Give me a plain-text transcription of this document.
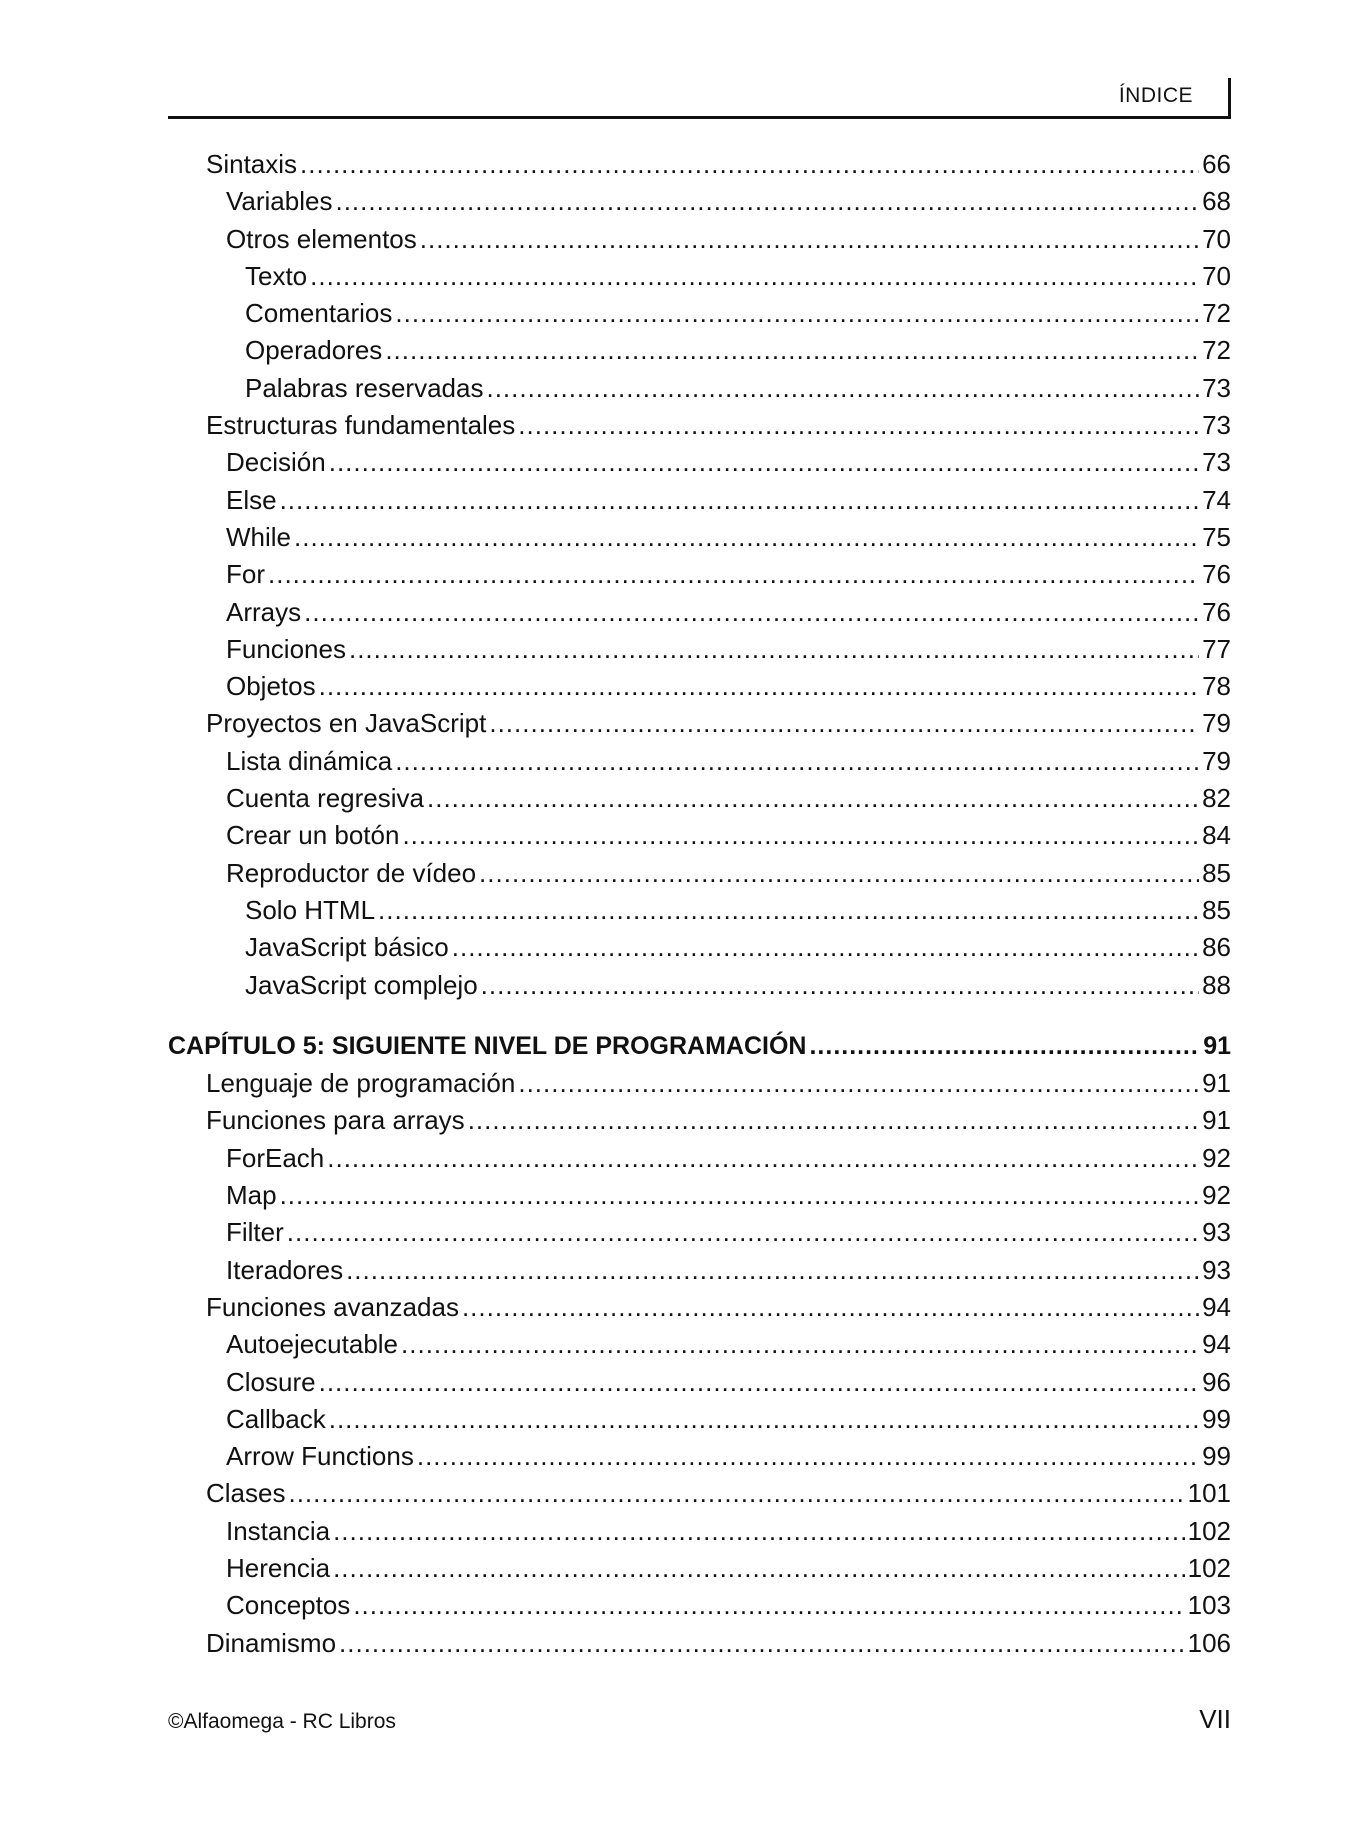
ÍNDICE
Sintaxis .....	66
Variables .....	68
Otros elementos .....	70
Texto .....	70
Comentarios .....	72
Operadores .....	72
Palabras reservadas .....	73
Estructuras fundamentales .....	73
Decisión .....	73
Else .....	74
While .....	75
For .....	76
Arrays .....	76
Funciones .....	77
Objetos .....	78
Proyectos en JavaScript .....	79
Lista dinámica .....	79
Cuenta regresiva .....	82
Crear un botón .....	84
Reproductor de vídeo .....	85
Solo HTML .....	85
JavaScript básico .....	86
JavaScript complejo .....	88
CAPÍTULO 5: SIGUIENTE NIVEL DE PROGRAMACIÓN .....	91
Lenguaje de programación .....	91
Funciones para arrays .....	91
ForEach .....	92
Map .....	92
Filter .....	93
Iteradores .....	93
Funciones avanzadas .....	94
Autoejecutable .....	94
Closure .....	96
Callback .....	99
Arrow Functions .....	99
Clases .....	101
Instancia .....	102
Herencia .....	102
Conceptos .....	103
Dinamismo .....	106
©Alfaomega - RC Libros	VII
